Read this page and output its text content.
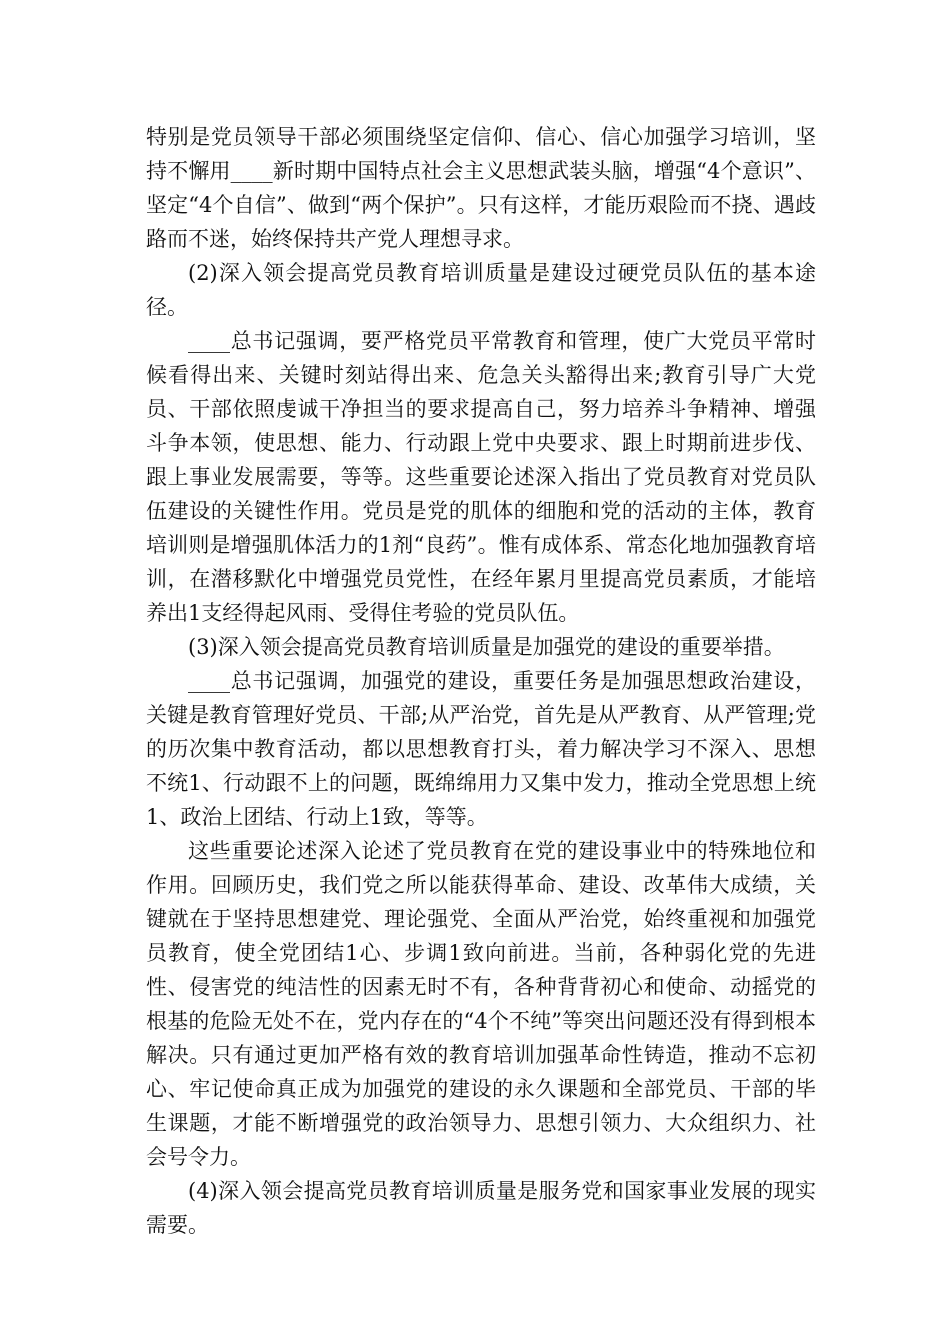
特别是党员领导干部必须围绕坚定信仰、信心、信心加强学习培训，坚持不懈用____新时期中国特点社会主义思想武装头脑，增强“4个意识”、坚定“4个自信”、做到“两个保护”。只有这样，才能历艰险而不挠、遇歧路而不迷，始终保持共产党人理想寻求。

(2)深入领会提高党员教育培训质量是建设过硬党员队伍的基本途径。

____总书记强调，要严格党员平常教育和管理，使广大党员平常时候看得出来、关键时刻站得出来、危急关头豁得出来;教育引导广大党员、干部依照虔诚干净担当的要求提高自己，努力培养斗争精神、增强斗争本领，使思想、能力、行动跟上党中央要求、跟上时期前进步伐、跟上事业发展需要，等等。这些重要论述深入指出了党员教育对党员队伍建设的关键性作用。党员是党的肌体的细胞和党的活动的主体，教育培训则是增强肌体活力的1剂“良药”。惟有成体系、常态化地加强教育培训，在潜移默化中增强党员党性，在经年累月里提高党员素质，才能培养出1支经得起风雨、受得住考验的党员队伍。

(3)深入领会提高党员教育培训质量是加强党的建设的重要举措。

____总书记强调，加强党的建设，重要任务是加强思想政治建设，关键是教育管理好党员、干部;从严治党，首先是从严教育、从严管理;党的历次集中教育活动，都以思想教育打头，着力解决学习不深入、思想不统1、行动跟不上的问题，既绵绵用力又集中发力，推动全党思想上统1、政治上团结、行动上1致，等等。

这些重要论述深入论述了党员教育在党的建设事业中的特殊地位和作用。回顾历史，我们党之所以能获得革命、建设、改革伟大成绩，关键就在于坚持思想建党、理论强党、全面从严治党，始终重视和加强党员教育，使全党团结1心、步调1致向前进。当前，各种弱化党的先进性、侵害党的纯洁性的因素无时不有，各种背背初心和使命、动摇党的根基的危险无处不在，党内存在的“4个不纯”等突出问题还没有得到根本解决。只有通过更加严格有效的教育培训加强革命性铸造，推动不忘初心、牢记使命真正成为加强党的建设的永久课题和全部党员、干部的毕生课题，才能不断增强党的政治领导力、思想引领力、大众组织力、社会号令力。

(4)深入领会提高党员教育培训质量是服务党和国家事业发展的现实需要。
